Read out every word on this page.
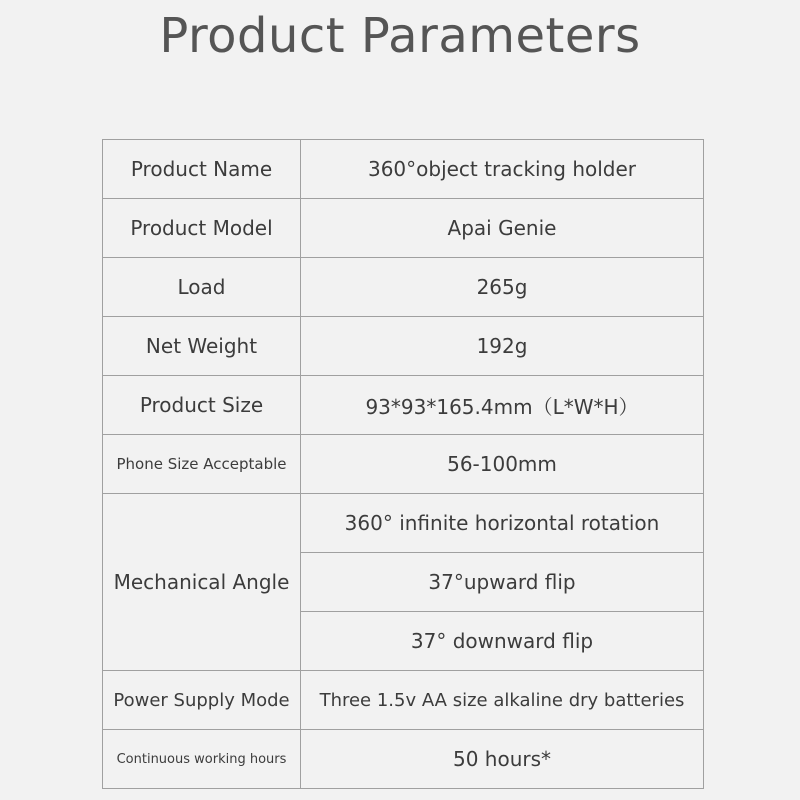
Product Parameters
Product Name	360°object tracking holder
Product Model	Apai Genie
Load	265g
Net Weight	192g
Product Size	93*93*165.4mm（L*W*H）
Phone Size Acceptable	56-100mm
Mechanical Angle	360° infinite horizontal rotation
	37°upward flip
	37° downward flip
Power Supply Mode	Three 1.5v AA size alkaline dry batteries
Continuous working hours	50 hours*
